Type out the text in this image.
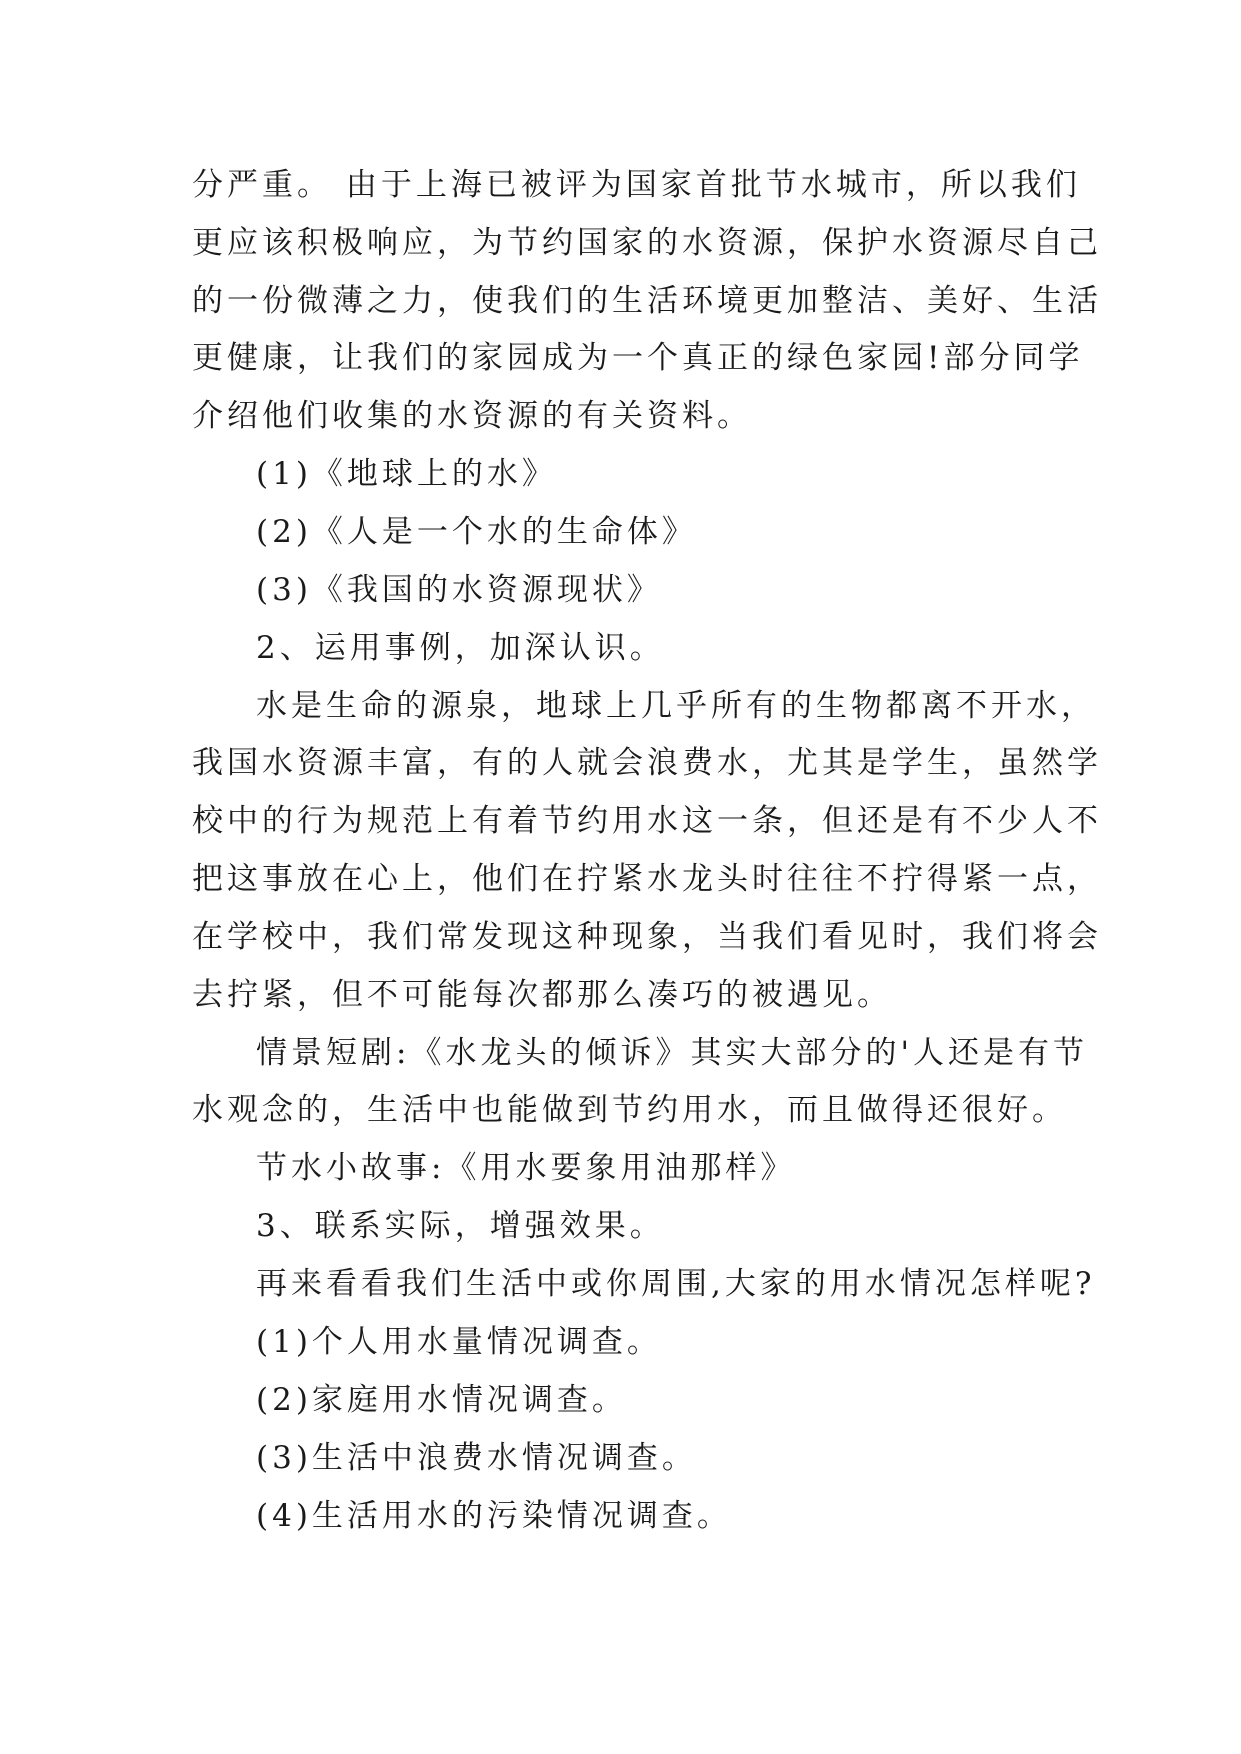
分严重。 由于上海已被评为国家首批节水城市，所以我们
更应该积极响应，为节约国家的水资源，保护水资源尽自己
的一份微薄之力，使我们的生活环境更加整洁、美好、生活
更健康，让我们的家园成为一个真正的绿色家园!部分同学
介绍他们收集的水资源的有关资料。
(1)《地球上的水》
(2)《人是一个水的生命体》
(3)《我国的水资源现状》
2、运用事例，加深认识。
水是生命的源泉，地球上几乎所有的生物都离不开水，
我国水资源丰富，有的人就会浪费水，尤其是学生，虽然学
校中的行为规范上有着节约用水这一条，但还是有不少人不
把这事放在心上，他们在拧紧水龙头时往往不拧得紧一点，
在学校中，我们常发现这种现象，当我们看见时，我们将会
去拧紧，但不可能每次都那么凑巧的被遇见。
情景短剧:《水龙头的倾诉》其实大部分的'人还是有节
水观念的，生活中也能做到节约用水，而且做得还很好。
节水小故事:《用水要象用油那样》
3、联系实际，增强效果。
再来看看我们生活中或你周围,大家的用水情况怎样呢?
(1)个人用水量情况调查。
(2)家庭用水情况调查。
(3)生活中浪费水情况调查。
(4)生活用水的污染情况调查。
